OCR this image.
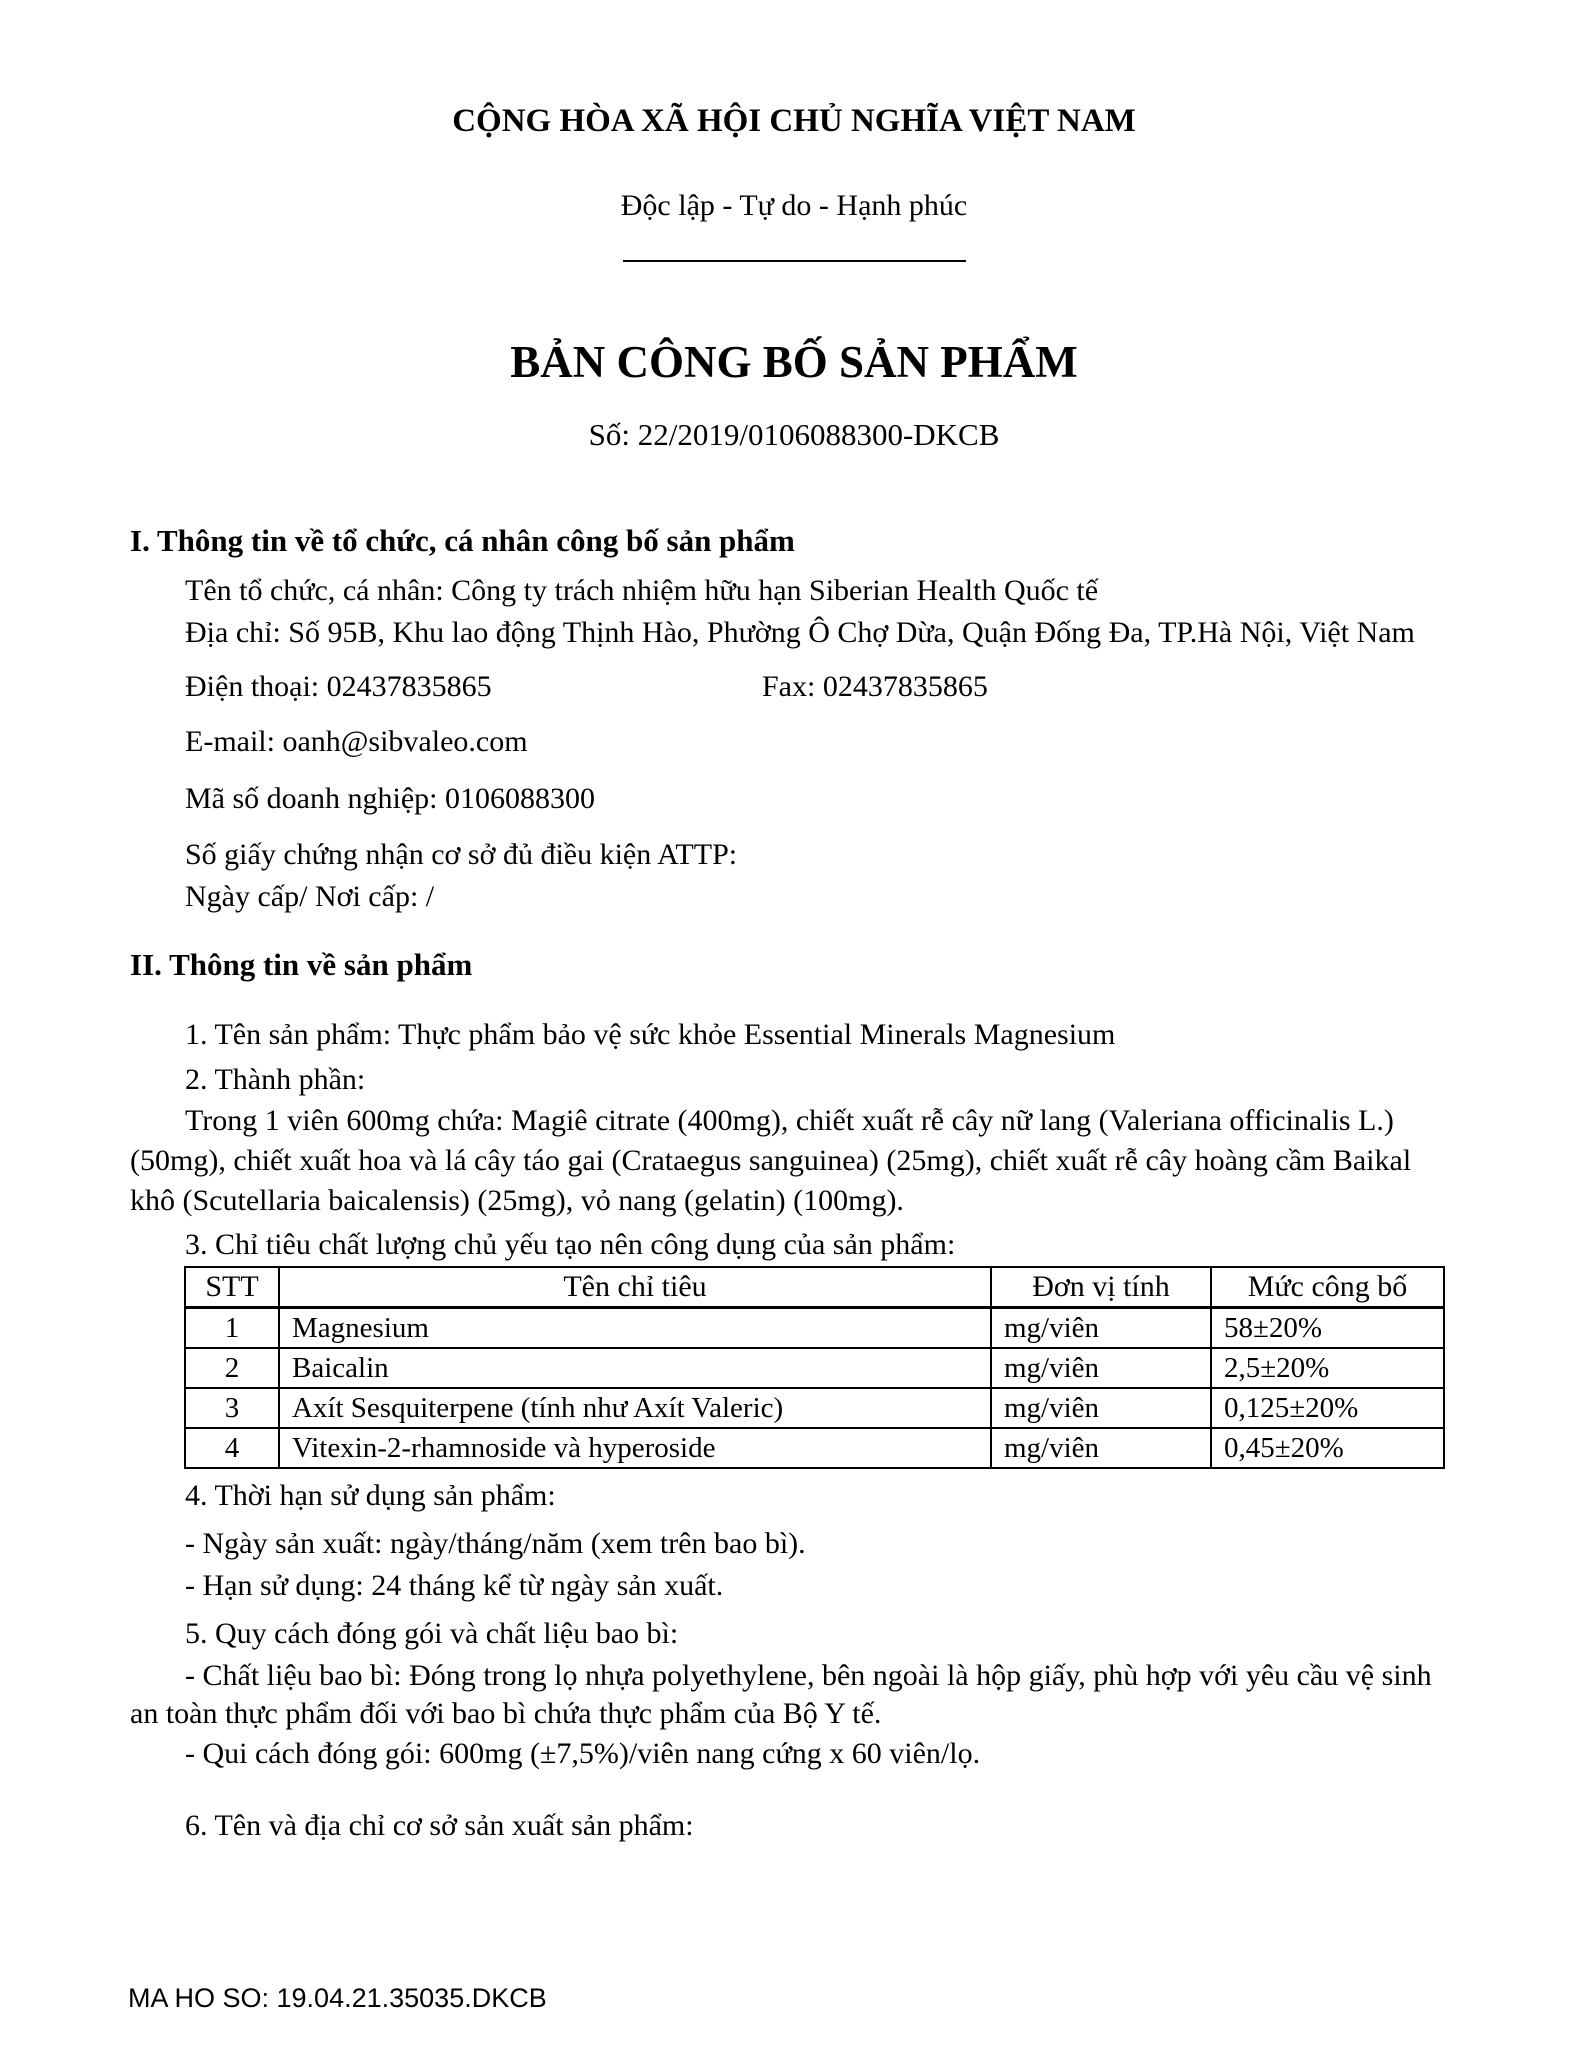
CỘNG HÒA XÃ HỘI CHỦ NGHĨA VIỆT NAM
Độc lập - Tự do - Hạnh phúc
BẢN CÔNG BỐ SẢN PHẨM
Số: 22/2019/0106088300-DKCB
I. Thông tin về tổ chức, cá nhân công bố sản phẩm

Tên tổ chức, cá nhân: Công ty trách nhiệm hữu hạn Siberian Health Quốc tế

Địa chỉ: Số 95B, Khu lao động Thịnh Hào, Phường Ô Chợ Dừa, Quận Đống Đa, TP.Hà Nội, Việt Nam

Điện thoại: 02437835865	Fax: 02437835865

E-mail: oanh@sibvaleo.com

Mã số doanh nghiệp: 0106088300

Số giấy chứng nhận cơ sở đủ điều kiện ATTP:

Ngày cấp/ Nơi cấp: /

II. Thông tin về sản phẩm

1. Tên sản phẩm: Thực phẩm bảo vệ sức khỏe Essential Minerals Magnesium

2. Thành phần:

Trong 1 viên 600mg chứa: Magiê citrate (400mg), chiết xuất rễ cây nữ lang (Valeriana officinalis L.) (50mg), chiết xuất hoa và lá cây táo gai (Crataegus sanguinea) (25mg), chiết xuất rễ cây hoàng cầm Baikal khô (Scutellaria baicalensis) (25mg), vỏ nang (gelatin) (100mg).

3. Chỉ tiêu chất lượng chủ yếu tạo nên công dụng của sản phẩm:

STT	Tên chỉ tiêu	Đơn vị tính	Mức công bố
1	Magnesium	mg/viên	58±20%
2	Baicalin	mg/viên	2,5±20%
3	Axít Sesquiterpene (tính như Axít Valeric)	mg/viên	0,125±20%
4	Vitexin-2-rhamnoside và hyperoside	mg/viên	0,45±20%

4. Thời hạn sử dụng sản phẩm:

- Ngày sản xuất: ngày/tháng/năm (xem trên bao bì).

- Hạn sử dụng: 24 tháng kể từ ngày sản xuất.

5. Quy cách đóng gói và chất liệu bao bì:

- Chất liệu bao bì: Đóng trong lọ nhựa polyethylene, bên ngoài là hộp giấy, phù hợp với yêu cầu vệ sinh an toàn thực phẩm đối với bao bì chứa thực phẩm của Bộ Y tế.

- Qui cách đóng gói: 600mg (±7,5%)/viên nang cứng x 60 viên/lọ.

6. Tên và địa chỉ cơ sở sản xuất sản phẩm:

MA HO SO: 19.04.21.35035.DKCB
